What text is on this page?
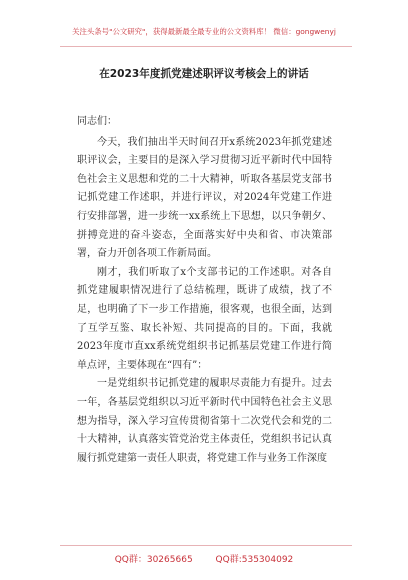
关注头条号"公文研究"，获得最新最全最专业的公文资料库！ 微信：gongwenyj
在2023年度抓党建述职评议考核会上的讲话

同志们：

今天，我们抽出半天时间召开x系统2023年抓党建述职评议会，主要目的是深入学习贯彻习近平新时代中国特色社会主义思想和党的二十大精神，听取各基层党支部书记抓党建工作述职，并进行评议，对2024年党建工作进行安排部署，进一步统一xx系统上下思想，以只争朝夕、拼搏竞进的奋斗姿态，全面落实好中央和省、市决策部署，奋力开创各项工作新局面。

刚才，我们听取了x个支部书记的工作述职。对各自抓党建履职情况进行了总结梳理，既讲了成绩，找了不足，也明确了下一步工作措施，很客观，也很全面，达到了互学互鉴、取长补短、共同提高的目的。下面，我就2023年度市直xx系统党组织书记抓基层党建工作进行简单点评，主要体现在“四有”：

一是党组织书记抓党建的履职尽责能力有提升。过去一年，各基层党组织以习近平新时代中国特色社会主义思想为指导，深入学习宣传贯彻省第十二次党代会和党的二十大精神，认真落实管党治党主体责任，党组织书记认真履行抓党建第一责任人职责，将党建工作与业务工作深度

QQ群：30265665	QQ群:535304092
